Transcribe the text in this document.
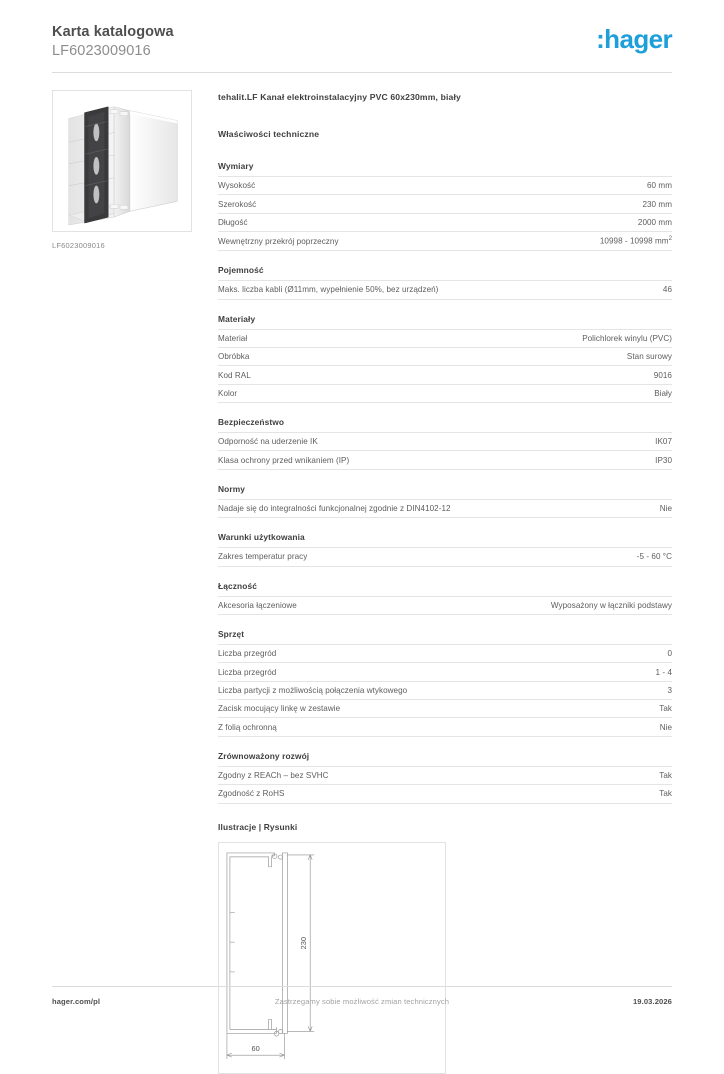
Karta katalogowa
LF6023009016	:hager
LF6023009016
tehalit.LF Kanał elektroinstalacyjny PVC 60x230mm, biały
Właściwości techniczne
Wymiary
Wysokość	60 mm
Szerokość	230 mm
Długość	2000 mm
Wewnętrzny przekrój poprzeczny	10998 - 10998 $mm^2$
Pojemność
Maks. liczba kabli (Ø11mm, wypełnienie 50%, bez urządzeń)	46
Materiały
Materiał	Polichlorek winylu (PVC)
Obróbka	Stan surowy
Kod RAL	9016
Kolor	Biały
Bezpieczeństwo
Odporność na uderzenie IK	IK07
Klasa ochrony przed wnikaniem (IP)	IP30
Normy
Nadaje się do integralności funkcjonalnej zgodnie z DIN4102-12	Nie
Warunki użytkowania
Zakres temperatur pracy	-5 - 60 °C
Łączność
Akcesoria łączeniowe	Wyposażony w łączniki podstawy
Sprzęt
Liczba przegród	0
Liczba przegród	1 - 4
Liczba partycji z możliwością połączenia wtykowego	3
Zacisk mocujący linkę w zestawie	Tak
Z folią ochronną	Nie
Zrównoważony rozwój
Zgodny z REACh – bez SVHC	Tak
Zgodność z RoHS	Tak
Ilustracje | Rysunki
230
60
hager.com/pl	Zastrzegamy sobie możliwość zmian technicznych	19.03.2026
